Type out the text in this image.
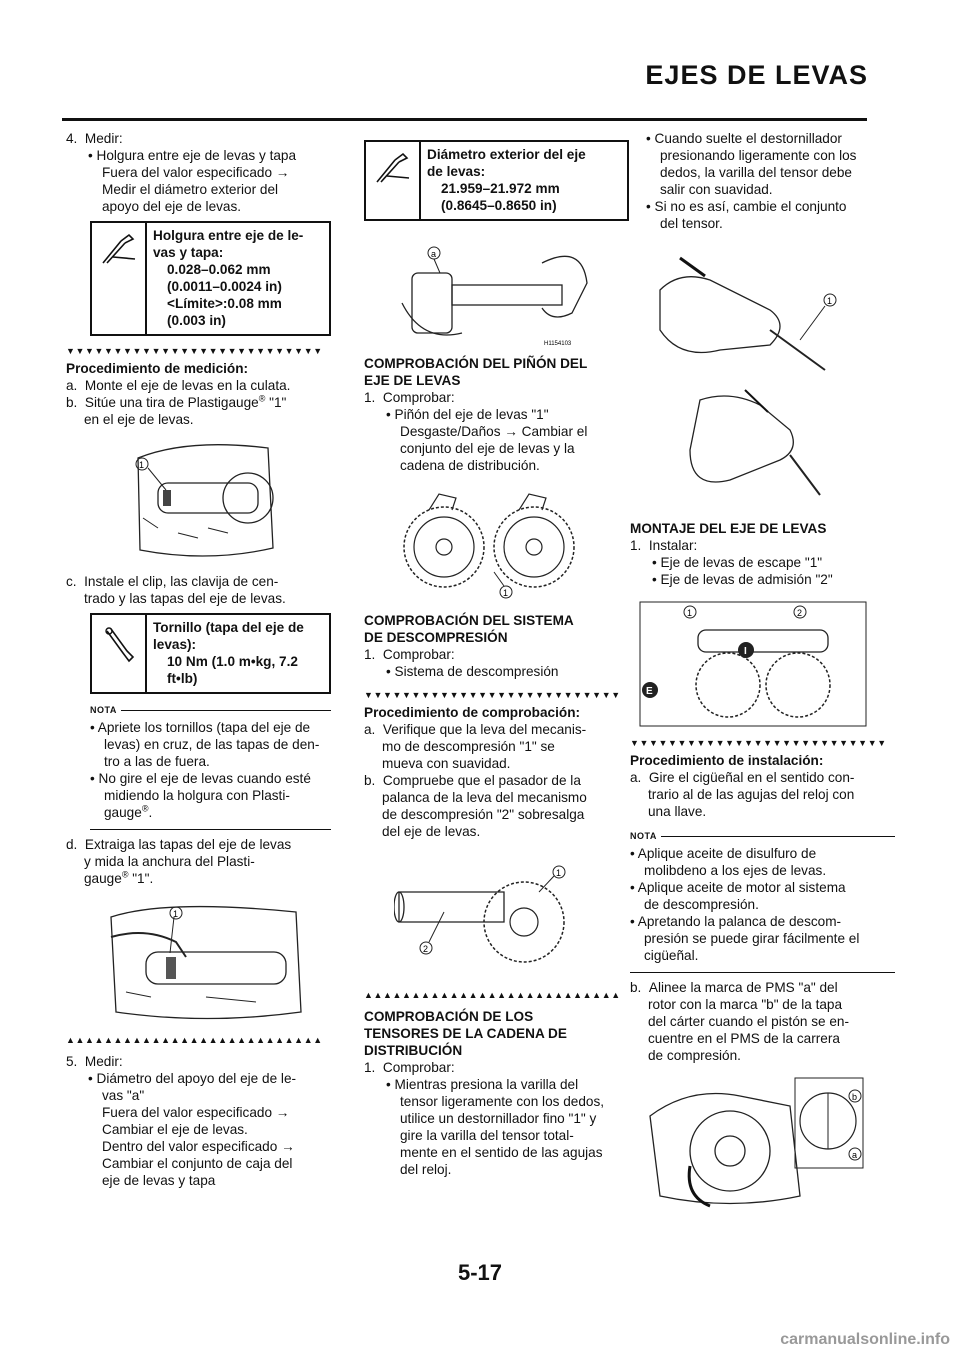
EJES DE LEVAS

4.  Medir:

• Holgura entre eje de levas y tapa

Fuera del valor especificado →

Medir el diámetro exterior del

apoyo del eje de levas.

Holgura entre eje de le-
vas y tapa:
0.028–0.062 mm
(0.0011–0.0024 in)
<Límite>:0.08 mm
(0.003 in)
▼▼▼▼▼▼▼▼▼▼▼▼▼▼▼▼▼▼▼▼▼▼▼▼▼▼▼

Procedimiento de medición:

a.  Monte el eje de levas en la culata.

b.  Sitúe una tira de Plastigauge® "1"

en el eje de levas.

1

c.  Instale el clip, las clavija de cen-

trado y las tapas del eje de levas.

Tornillo (tapa del eje de
levas):
10 Nm (1.0 m•kg, 7.2
ft•lb)
NOTA

• Apriete los tornillos (tapa del eje de

levas) en cruz, de las tapas de den-

tro a las de fuera.

• No gire el eje de levas cuando esté

midiendo la holgura con Plasti-

gauge®.

d.  Extraiga las tapas del eje de levas

y mida la anchura del Plasti-

gauge® "1".

1
▲▲▲▲▲▲▲▲▲▲▲▲▲▲▲▲▲▲▲▲▲▲▲▲▲▲▲

5.  Medir:

• Diámetro del apoyo del eje de le-

vas "a"

Fuera del valor especificado →

Cambiar el eje de levas.

Dentro del valor especificado →

Cambiar el conjunto de caja del

eje de levas y tapa

Diámetro exterior del eje
de levas:
21.959–21.972 mm
(0.8645–0.8650 in)
a
H1154103

COMPROBACIÓN DEL PIÑÓN DEL

EJE DE LEVAS

1.  Comprobar:

• Piñón del eje de levas "1"

Desgaste/Daños → Cambiar el

conjunto del eje de levas y la

cadena de distribución.

1

COMPROBACIÓN DEL SISTEMA

DE DESCOMPRESIÓN

1.  Comprobar:

• Sistema de descompresión

▼▼▼▼▼▼▼▼▼▼▼▼▼▼▼▼▼▼▼▼▼▼▼▼▼▼▼

Procedimiento de comprobación:

a.  Verifique que la leva del mecanis-

mo de descompresión "1" se

mueva con suavidad.

b.  Compruebe que el pasador de la

palanca de la leva del mecanismo

de descompresión "2" sobresalga

del eje de levas.

1
2
▲▲▲▲▲▲▲▲▲▲▲▲▲▲▲▲▲▲▲▲▲▲▲▲▲▲▲

COMPROBACIÓN DE LOS

TENSORES DE LA CADENA DE

DISTRIBUCIÓN

1.  Comprobar:

• Mientras presiona la varilla del

tensor ligeramente con los dedos,

utilice un destornillador fino "1" y

gire la varilla del tensor total-

mente en el sentido de las agujas

del reloj.

• Cuando suelte el destornillador

presionando ligeramente con los

dedos, la varilla del tensor debe

salir con suavidad.

• Si no es así, cambie el conjunto

del tensor.

1

MONTAJE DEL EJE DE LEVAS

1.  Instalar:

• Eje de levas de escape "1"

• Eje de levas de admisión "2"

1	2
E
I
▼▼▼▼▼▼▼▼▼▼▼▼▼▼▼▼▼▼▼▼▼▼▼▼▼▼▼

Procedimiento de instalación:

a.  Gire el cigüeñal en el sentido con-

trario al de las agujas del reloj con

una llave.

NOTA

• Aplique aceite de disulfuro de

molibdeno a los ejes de levas.

• Aplique aceite de motor al sistema

de descompresión.

• Apretando la palanca de descom-

presión se puede girar fácilmente el

cigüeñal.

b.  Alinee la marca de PMS "a" del

rotor con la marca "b" de la tapa

del cárter cuando el pistón se en-

cuentre en el PMS de la carrera

de compresión.

b
a
5-17
carmanualsonline.info
